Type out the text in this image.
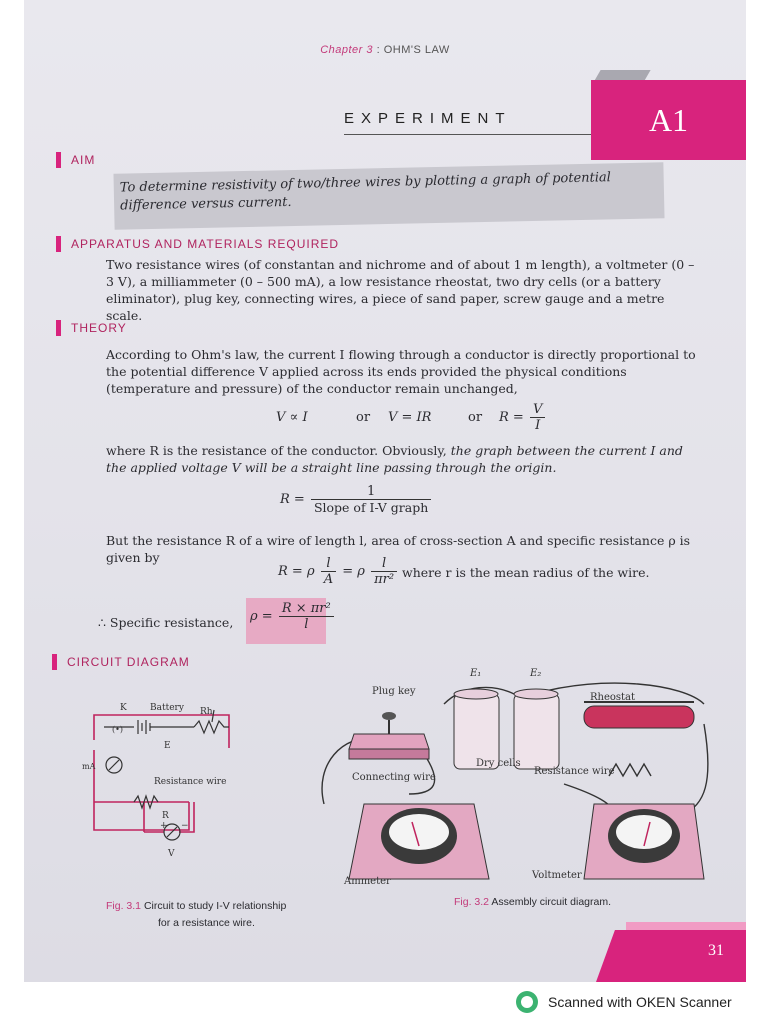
Chapter 3 : OHM'S LAW
EXPERIMENT	A1
AIM
To determine resistivity of two/three wires by plotting a graph of potential difference versus current.
APPARATUS AND MATERIALS REQUIRED
Two resistance wires (of constantan and nichrome and of about 1 m length), a voltmeter (0 – 3 V), a milliammeter (0 – 500 mA), a low resistance rheostat, two dry cells (or a battery eliminator), plug key, connecting wires, a piece of sand paper, screw gauge and a metre scale.
THEORY
According to Ohm's law, the current I flowing through a conductor is directly proportional to the potential difference V applied across its ends provided the physical conditions (temperature and pressure) of the conductor remain unchanged,
V ∝ I	or V = IR	or $R = \frac{V}{I}$
where R is the resistance of the conductor. Obviously, the graph between the current I and the applied voltage V will be a straight line passing through the origin.
$R = \frac{1}{\text{Slope of I-V graph}}$
But the resistance R of a wire of length l, area of cross-section A and specific resistance ρ is given by
R = ρ $\frac{l}{A} = \rho \frac{l}{\text{πr²}}$ where r is the mean radius of the wire.
∴ Specific resistance, $\rho = \frac{\text{R × πr²}}{l}$
CIRCUIT DIAGRAM
K
(•)
Battery Rh
E
mA
Resistance wire
R
V
+ −
Plug key
E₁	E₂
Rheostat
Dry cells
Connecting wire
Resistance wire
Ammeter
Voltmeter
Fig. 3.1 Circuit to study I-V relationship
for a resistance wire.
Fig. 3.2 Assembly circuit diagram.
31
Scanned with OKEN Scanner
